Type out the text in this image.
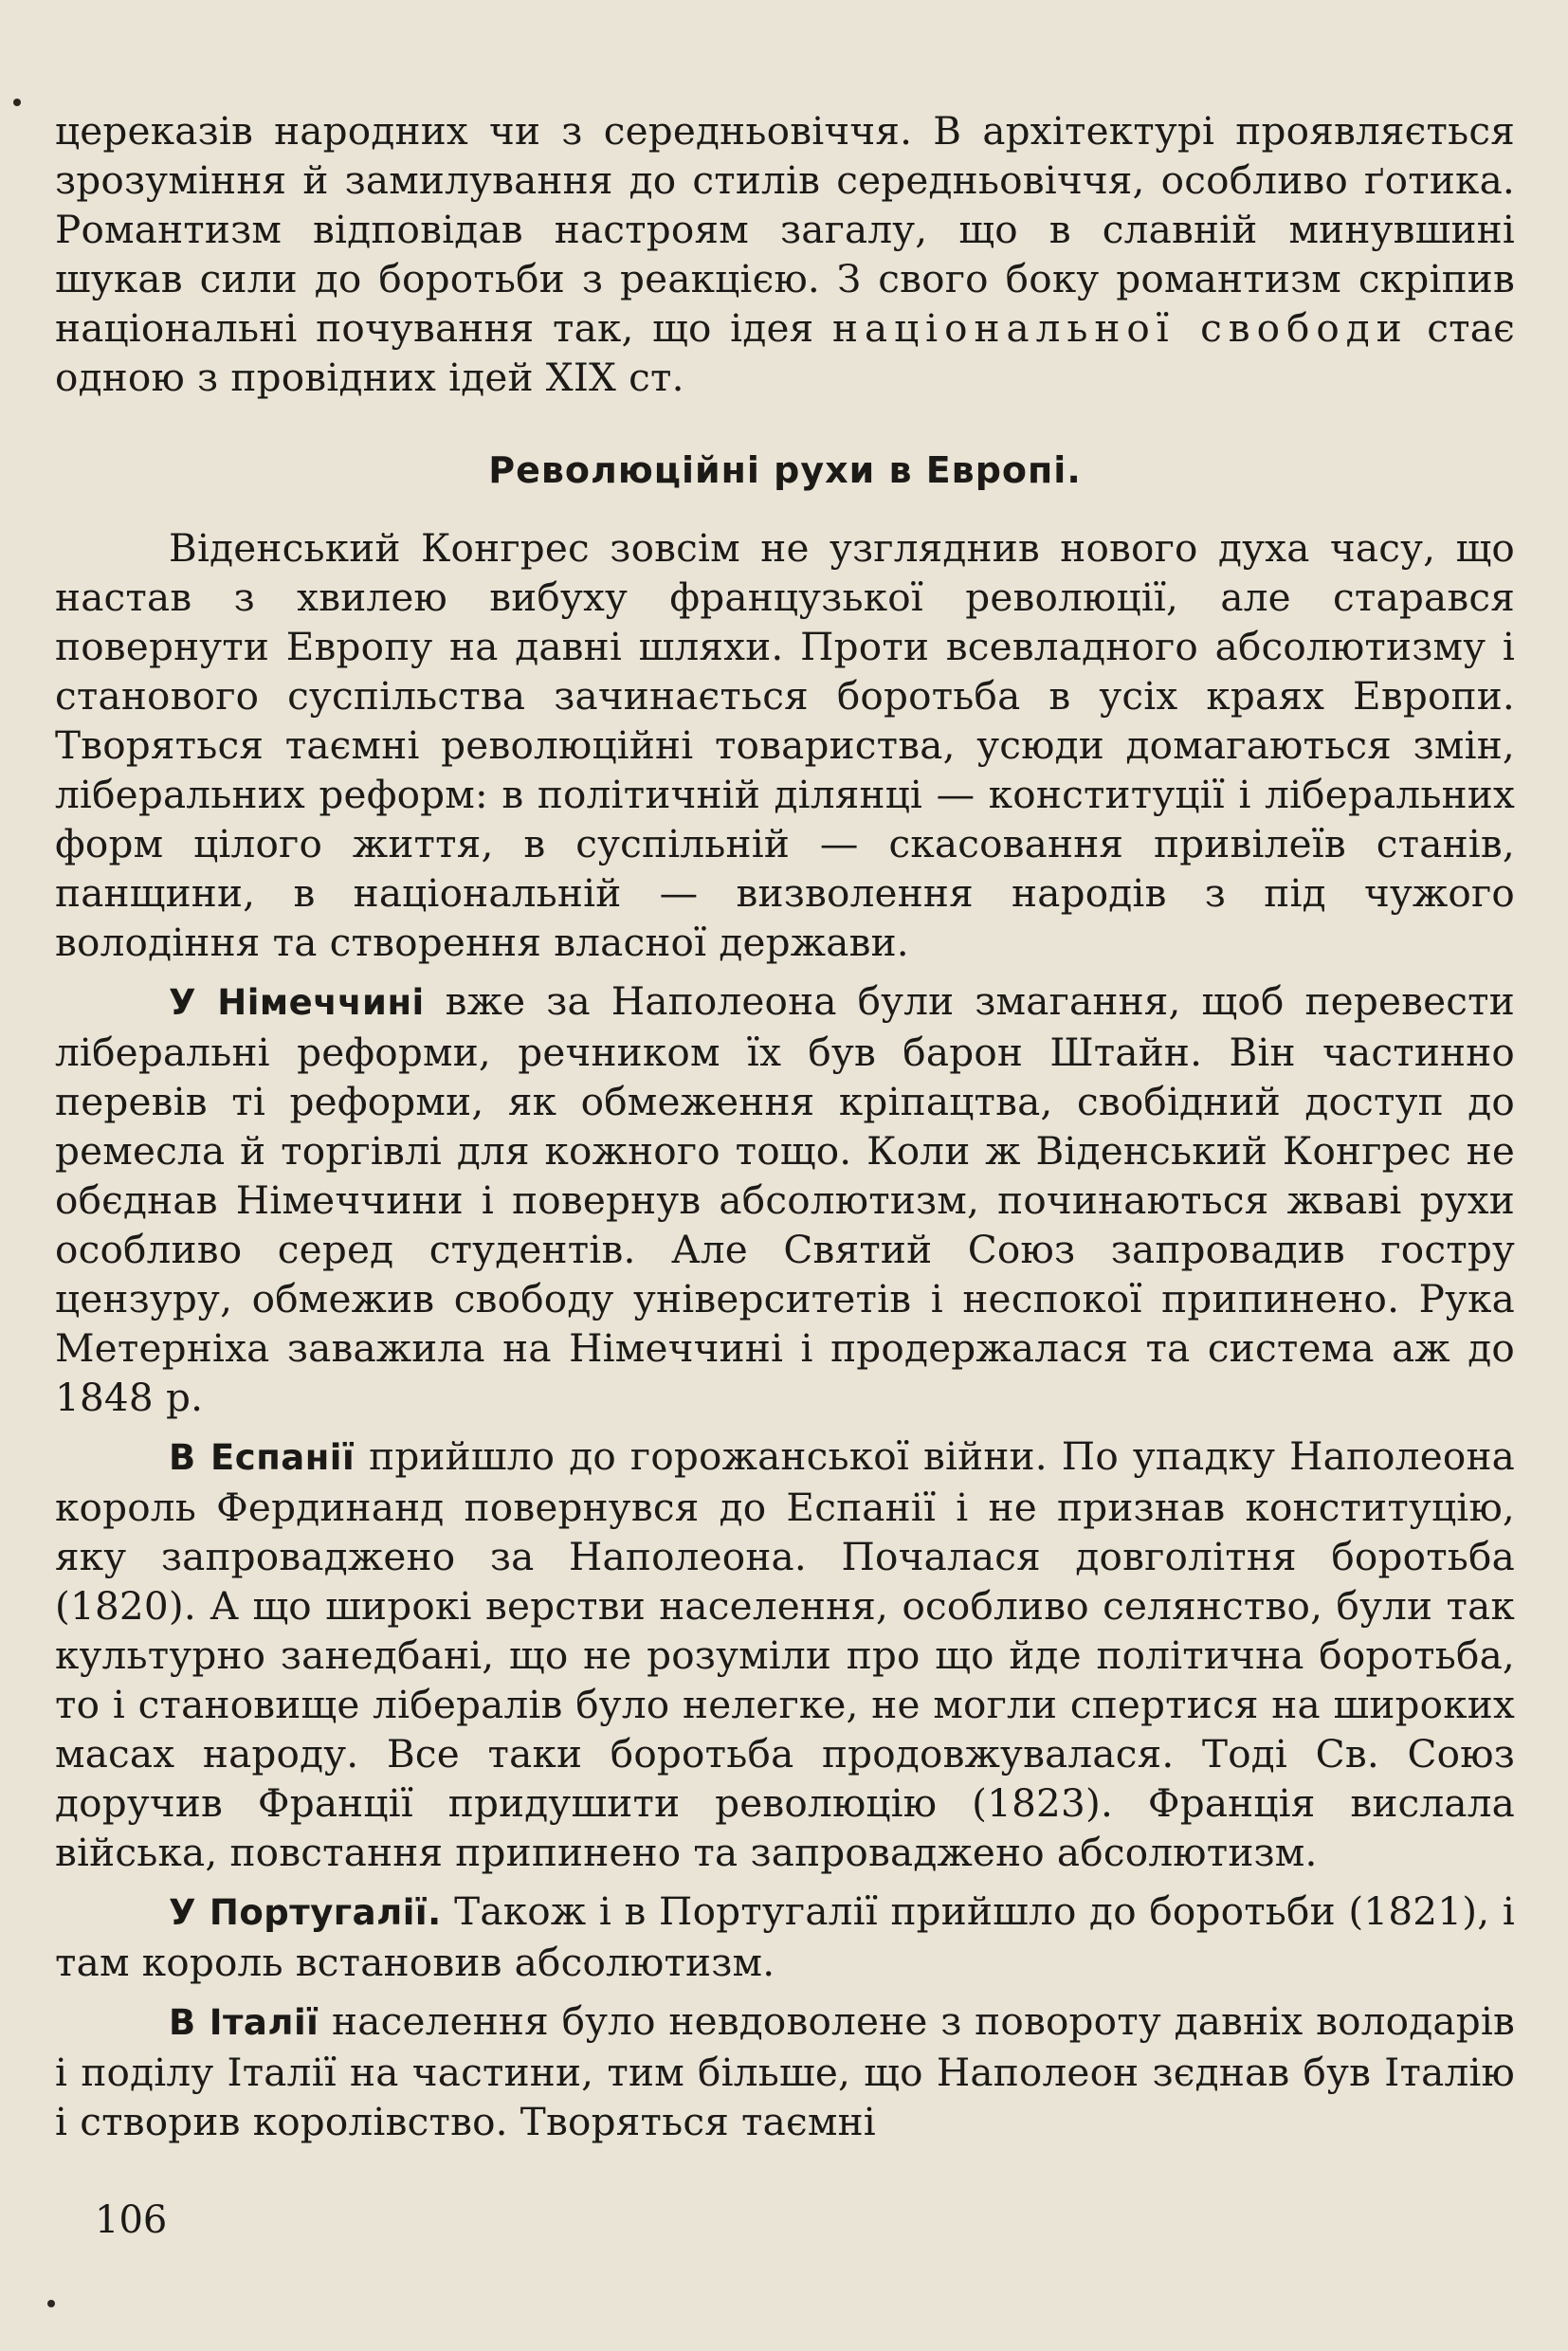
цереказів народних чи з середньовіччя. В архітектурі проявляється зрозуміння й замилування до стилів середньовіччя, особливо ґотика. Романтизм відповідав настроям загалу, що в славній минувшині шукав сили до боротьби з реакцією. З свого боку романтизм скріпив національні почування так, що ідея національної свободи стає одною з провідних ідей XIX ст.

Революційні рухи в Европі.

Віденський Конгрес зовсім не узгляднив нового духа часу, що настав з хвилею вибуху французької революції, але старався повернути Европу на давні шляхи. Проти всевладного абсолютизму і станового суспільства зачинається боротьба в усіх краях Европи. Творяться таємні революційні товариства, усюди домагаються змін, ліберальних реформ: в політичній ділянці — конституції і ліберальних форм цілого життя, в суспільній — скасовання привілеїв станів, панщини, в національній — визволення народів з під чужого володіння та створення власної держави.

У Німеччині вже за Наполеона були змагання, щоб перевести ліберальні реформи, речником їх був барон Штайн. Він частинно перевів ті реформи, як обмеження кріпацтва, свобідний доступ до ремесла й торгівлі для кожного тощо. Коли ж Віденський Конгрес не обєднав Німеччини і повернув абсолютизм, починаються жваві рухи особливо серед студентів. Але Святий Союз запровадив гостру цензуру, обмежив свободу університетів і неспокої припинено. Рука Метерніха заважила на Німеччині і продержалася та система аж до 1848 р.

В Еспанії прийшло до горожанської війни. По упадку Наполеона король Фердинанд повернувся до Еспанії і не признав конституцію, яку запроваджено за Наполеона. Почалася довголітня боротьба (1820). А що широкі верстви населення, особливо селянство, були так культурно занедбані, що не розуміли про що йде політична боротьба, то і становище лібералів було нелегке, не могли спертися на широких масах народу. Все таки боротьба продовжувалася. Тоді Св. Союз доручив Франції придушити революцію (1823). Франція вислала війська, повстання припинено та запроваджено абсолютизм.

У Португалії. Також і в Португалії прийшло до боротьби (1821), і там король встановив абсолютизм.

В Італії населення було невдоволене з повороту давніх володарів і поділу Італії на частини, тим більше, що Наполеон зєднав був Італію і створив королівство. Творяться таємні

106
